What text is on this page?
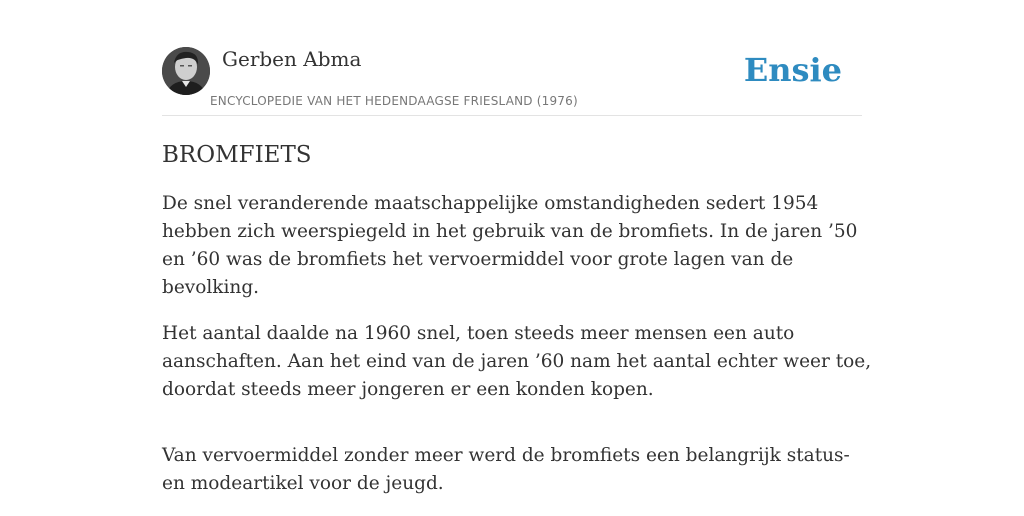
Gerben Abma
ENCYCLOPEDIE VAN HET HEDENDAAGSE FRIESLAND (1976)
Ensie
BROMFIETS

De snel veranderende maatschappelijke omstandigheden sedert 1954 hebben zich weerspiegeld in het gebruik van de bromfiets. In de jaren ’50 en ’60 was de bromfiets het vervoermiddel voor grote lagen van de bevolking.

Het aantal daalde na 1960 snel, toen steeds meer mensen een auto aanschaften. Aan het eind van de jaren ’60 nam het aantal echter weer toe, doordat steeds meer jongeren er een konden kopen.

Van vervoermiddel zonder meer werd de bromfiets een belangrijk status- en modeartikel voor de jeugd.
